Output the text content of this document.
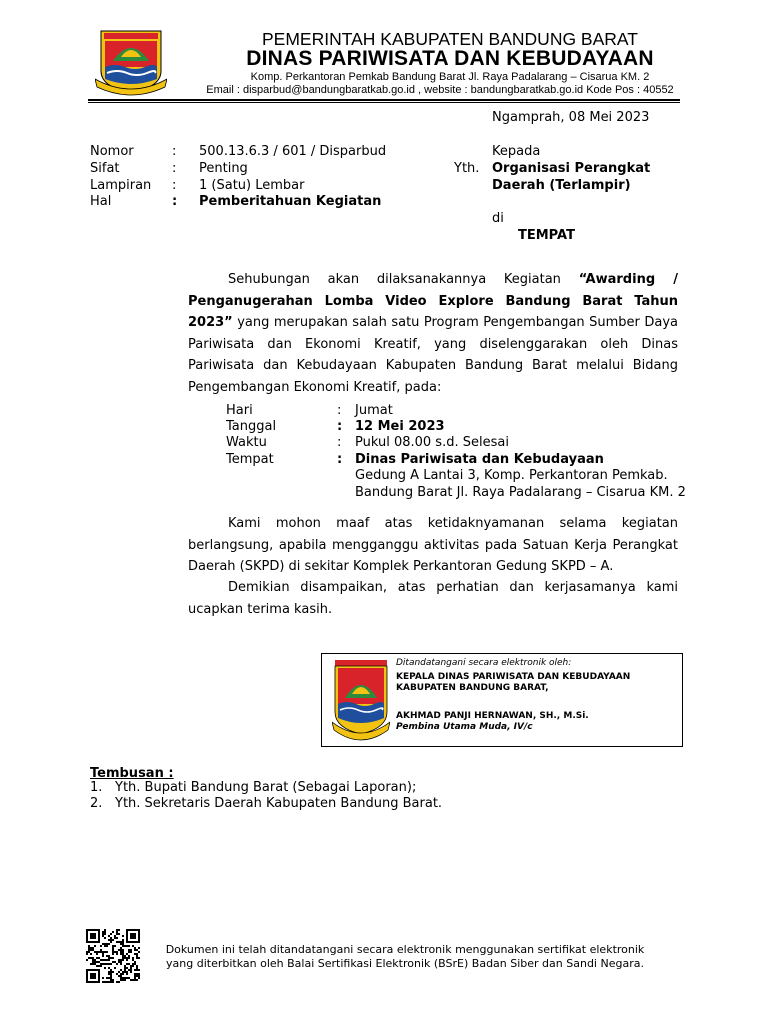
PEMERINTAH KABUPATEN BANDUNG BARAT
DINAS PARIWISATA DAN KEBUDAYAAN
Komp. Perkantoran Pemkab Bandung Barat Jl. Raya Padalarang – Cisarua KM. 2
Email : disparbud@bandungbaratkab.go.id , website : bandungbaratkab.go.id Kode Pos : 40552
Ngamprah, 08 Mei 2023
Nomor	: 500.13.6.3 / 601 / Disparbud
Sifat	: Penting
Lampiran : 1 (Satu) Lembar
Hal	: Pemberitahuan Kegiatan
Kepada
Yth. Organisasi Perangkat
Daerah (Terlampir)
di
TEMPAT
Sehubungan akan dilaksanakannya Kegiatan “Awarding / Penganugerahan Lomba Video Explore Bandung Barat Tahun 2023” yang merupakan salah satu Program Pengembangan Sumber Daya Pariwisata dan Ekonomi Kreatif, yang diselenggarakan oleh Dinas Pariwisata dan Kebudayaan Kabupaten Bandung Barat melalui Bidang Pengembangan Ekonomi Kreatif, pada:
Hari	: Jumat
Tanggal	: 12 Mei 2023
Waktu	: Pukul 08.00 s.d. Selesai
Tempat	: Dinas Pariwisata dan Kebudayaan
Gedung A Lantai 3, Komp. Perkantoran Pemkab.
Bandung Barat Jl. Raya Padalarang – Cisarua KM. 2
Kami mohon maaf atas ketidaknyamanan selama kegiatan berlangsung, apabila mengganggu aktivitas pada Satuan Kerja Perangkat Daerah (SKPD) di sekitar Komplek Perkantoran Gedung SKPD – A.
Demikian disampaikan, atas perhatian dan kerjasamanya kami ucapkan terima kasih.
Ditandatangani secara elektronik oleh:
KEPALA DINAS PARIWISATA DAN KEBUDAYAAN
KABUPATEN BANDUNG BARAT,
AKHMAD PANJI HERNAWAN, SH., M.Si.
Pembina Utama Muda, IV/c
Tembusan :
1. Yth. Bupati Bandung Barat (Sebagai Laporan);
2. Yth. Sekretaris Daerah Kabupaten Bandung Barat.
Dokumen ini telah ditandatangani secara elektronik menggunakan sertifikat elektronik
yang diterbitkan oleh Balai Sertifikasi Elektronik (BSrE) Badan Siber dan Sandi Negara.
